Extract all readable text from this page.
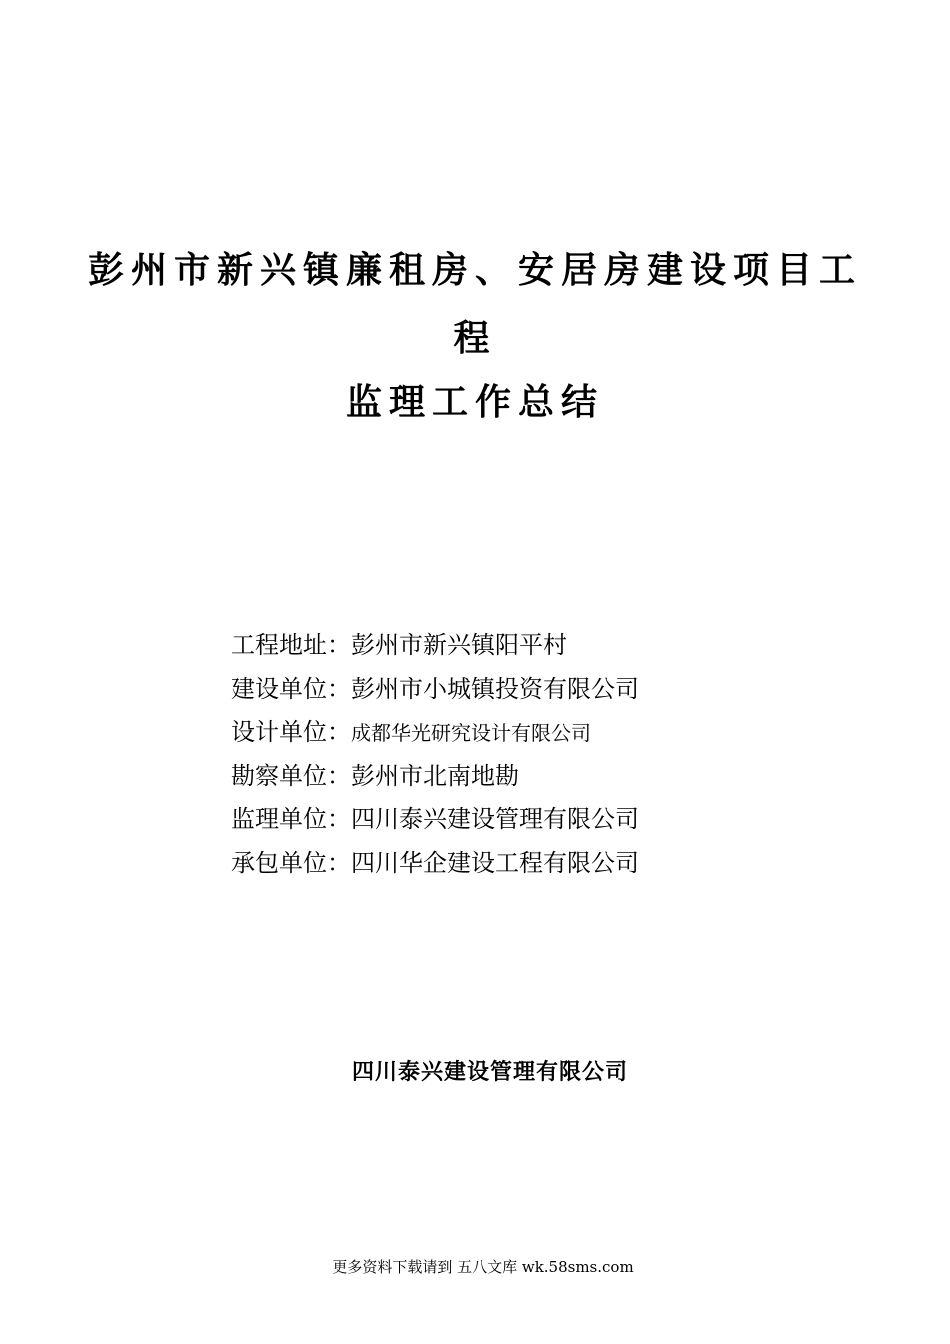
彭州市新兴镇廉租房、安居房建设项目工
程
监理工作总结
工程地址：彭州市新兴镇阳平村
建设单位：彭州市小城镇投资有限公司
设计单位：成都华光研究设计有限公司
勘察单位：彭州市北南地勘
监理单位：四川泰兴建设管理有限公司
承包单位：四川华企建设工程有限公司
四川泰兴建设管理有限公司
更多资料下载请到 五八文库 wk.58sms.com
